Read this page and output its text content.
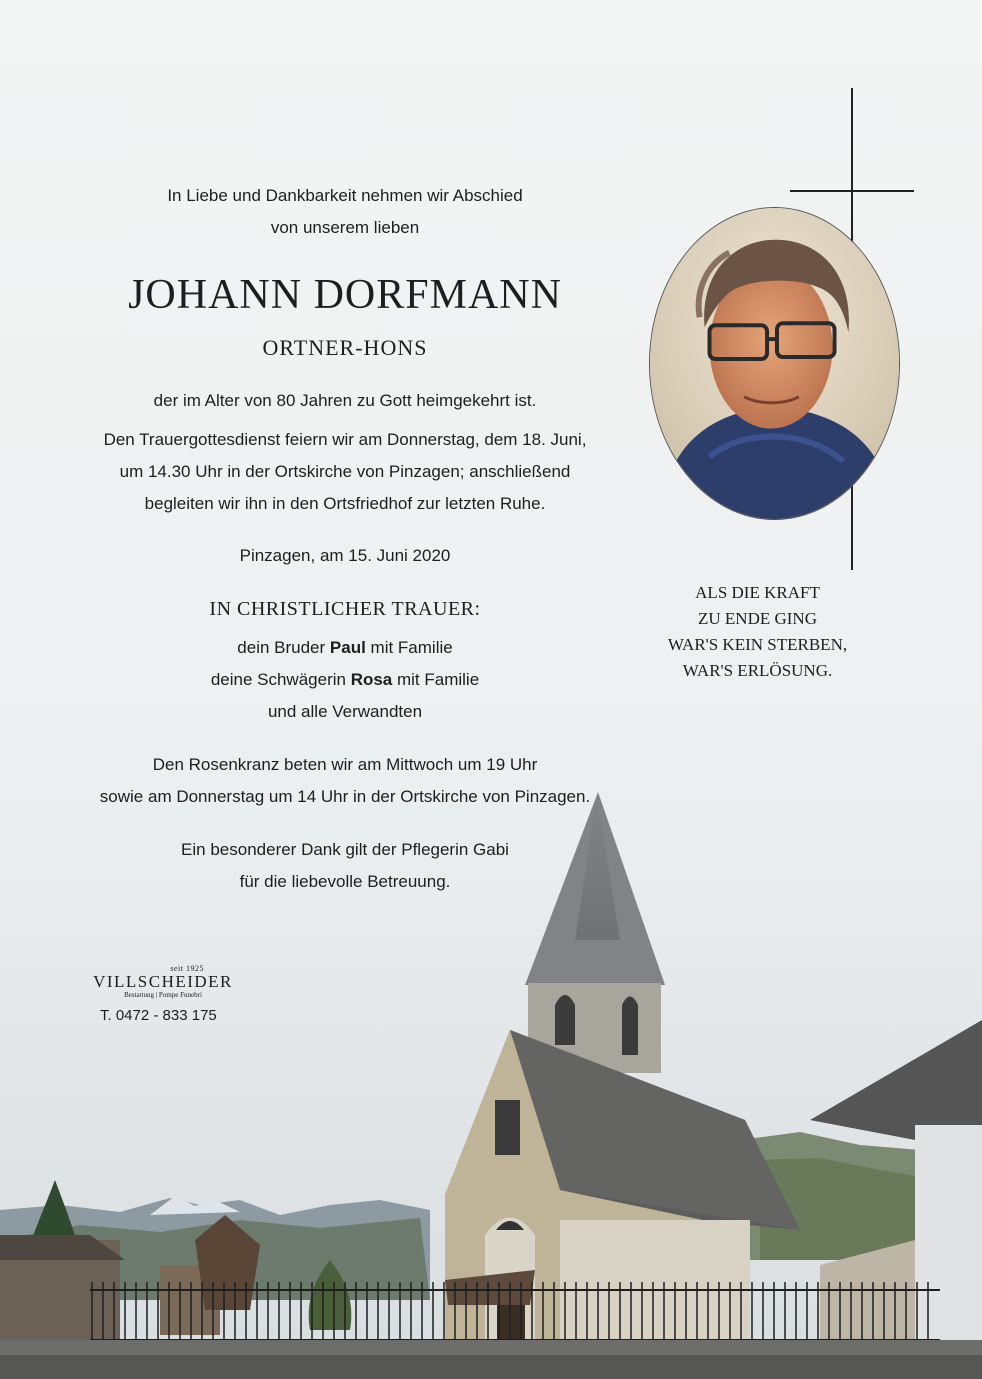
In Liebe und Dankbarkeit nehmen wir Abschied
von unserem lieben
JOHANN DORFMANN
ORTNER-HONS
der im Alter von 80 Jahren zu Gott heimgekehrt ist.
Den Trauergottesdienst feiern wir am Donnerstag, dem 18. Juni,
um 14.30 Uhr in der Ortskirche von Pinzagen; anschließend
begleiten wir ihn in den Ortsfriedhof zur letzten Ruhe.
Pinzagen, am 15. Juni 2020
IN CHRISTLICHER TRAUER:
dein Bruder Paul mit Familie
deine Schwägerin Rosa mit Familie
und alle Verwandten
Den Rosenkranz beten wir am Mittwoch um 19 Uhr
sowie am Donnerstag um 14 Uhr in der Ortskirche von Pinzagen.
Ein besonderer Dank gilt der Pflegerin Gabi
für die liebevolle Betreuung.
ALS DIE KRAFT
ZU ENDE GING
WAR'S KEIN STERBEN,
WAR'S ERLÖSUNG.
seit 1925
VILLSCHEIDER
Bestattung | Pompe Funebri
T. 0472 - 833 175
